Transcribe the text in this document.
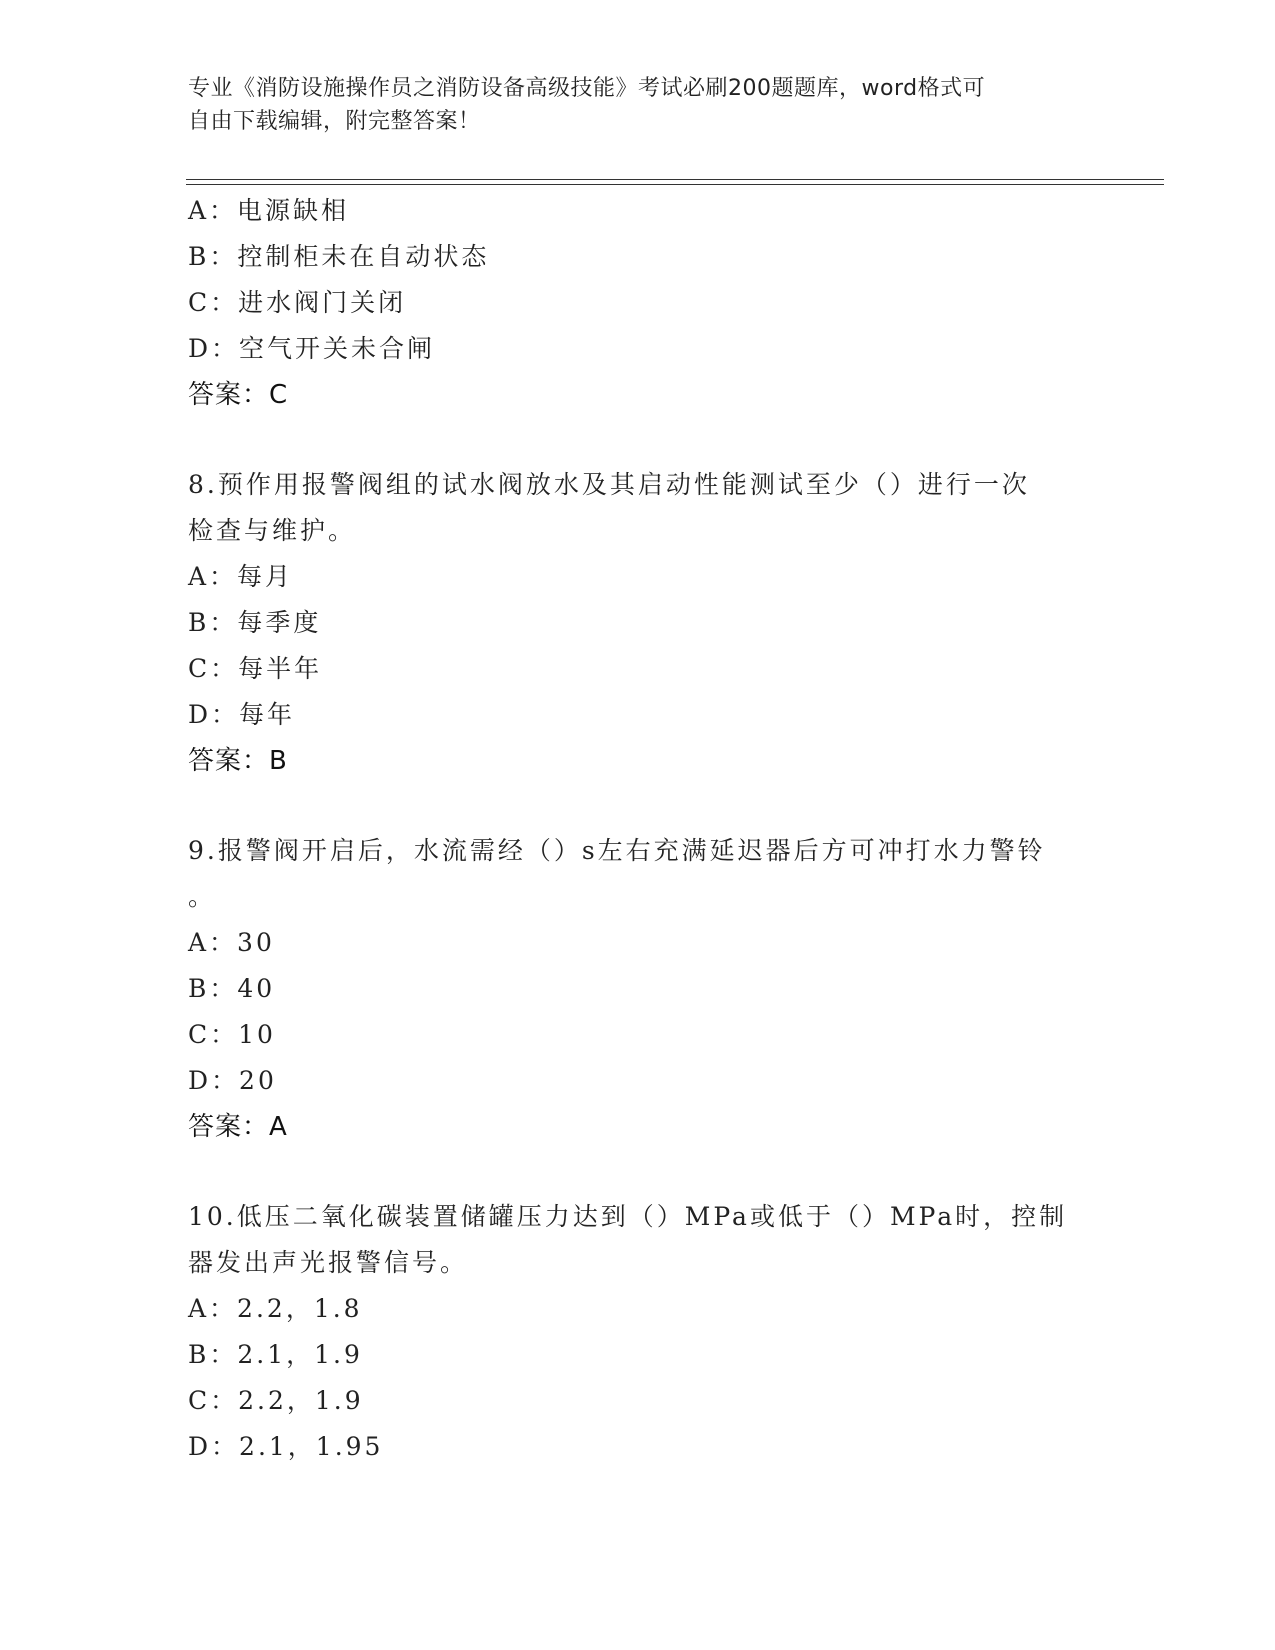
专业《消防设施操作员之消防设备高级技能》考试必刷200题题库，word格式可
自由下载编辑，附完整答案！
A：电源缺相
B：控制柜未在自动状态
C：进水阀门关闭
D：空气开关未合闸
答案：C
8.预作用报警阀组的试水阀放水及其启动性能测试至少（）进行一次
检查与维护。
A：每月
B：每季度
C：每半年
D：每年
答案：B
9.报警阀开启后，水流需经（）s左右充满延迟器后方可冲打水力警铃
。
A：30
B：40
C：10
D：20
答案：A
10.低压二氧化碳装置储罐压力达到（）MPa或低于（）MPa时，控制
器发出声光报警信号。
A：2.2，1.8
B：2.1，1.9
C：2.2，1.9
D：2.1，1.95
